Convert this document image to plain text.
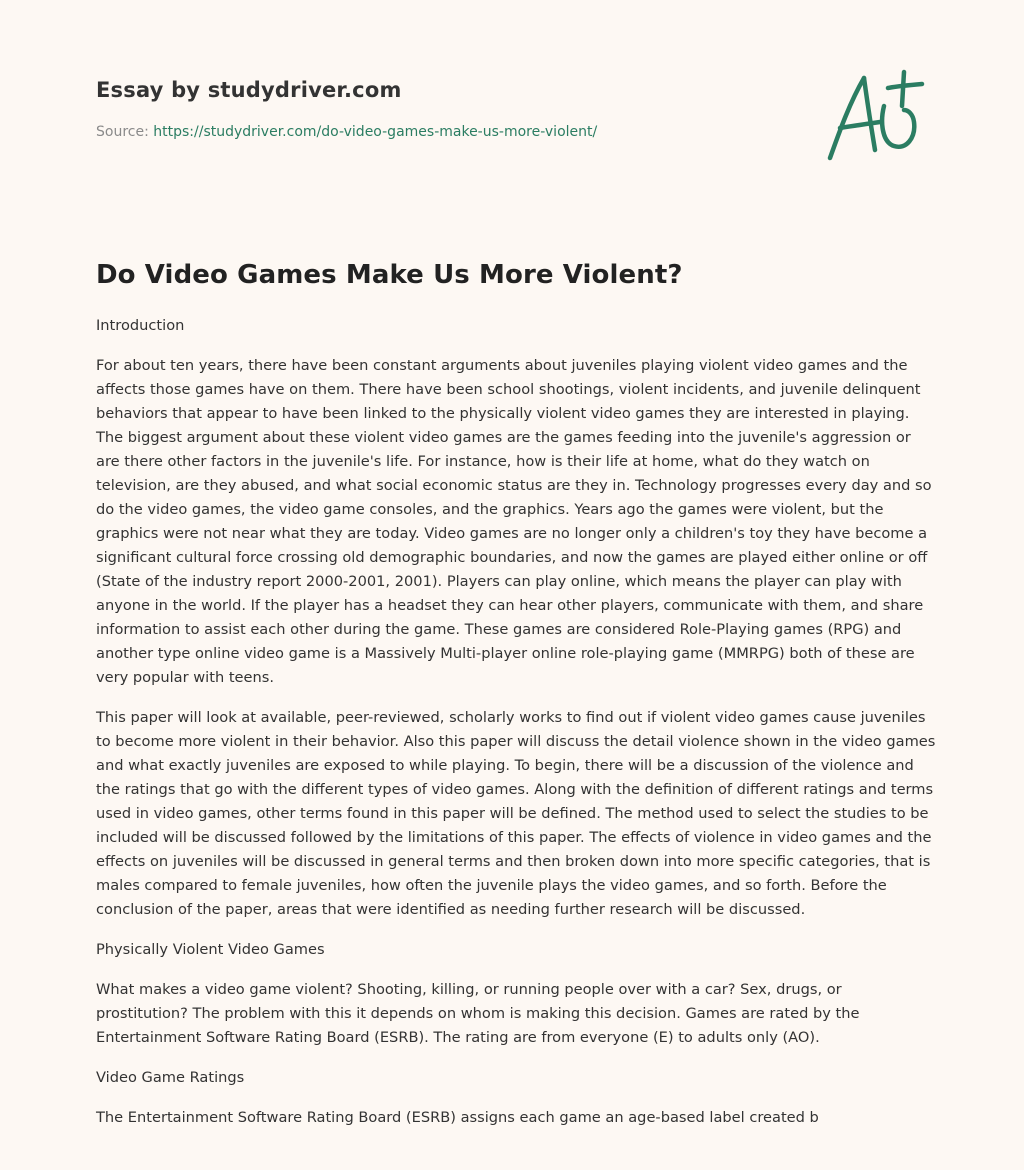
Essay by studydriver.com
Source: https://studydriver.com/do-video-games-make-us-more-violent/
Do Video Games Make Us More Violent?

Introduction

For about ten years, there have been constant arguments about juveniles playing violent video games and the affects those games have on them. There have been school shootings, violent incidents, and juvenile delinquent behaviors that appear to have been linked to the physically violent video games they are interested in playing. The biggest argument about these violent video games are the games feeding into the juvenile's aggression or are there other factors in the juvenile's life. For instance, how is their life at home, what do they watch on television, are they abused, and what social economic status are they in. Technology progresses every day and so do the video games, the video game consoles, and the graphics. Years ago the games were violent, but the graphics were not near what they are today. Video games are no longer only a children's toy they have become a significant cultural force crossing old demographic boundaries, and now the games are played either online or off (State of the industry report 2000-2001, 2001). Players can play online, which means the player can play with anyone in the world. If the player has a headset they can hear other players, communicate with them, and share information to assist each other during the game. These games are considered Role-Playing games (RPG) and another type online video game is a Massively Multi-player online role-playing game (MMRPG) both of these are very popular with teens.

This paper will look at available, peer-reviewed, scholarly works to find out if violent video games cause juveniles to become more violent in their behavior. Also this paper will discuss the detail violence shown in the video games and what exactly juveniles are exposed to while playing. To begin, there will be a discussion of the violence and the ratings that go with the different types of video games. Along with the definition of different ratings and terms used in video games, other terms found in this paper will be defined. The method used to select the studies to be included will be discussed followed by the limitations of this paper. The effects of violence in video games and the effects on juveniles will be discussed in general terms and then broken down into more specific categories, that is males compared to female juveniles, how often the juvenile plays the video games, and so forth. Before the conclusion of the paper, areas that were identified as needing further research will be discussed.

Physically Violent Video Games

What makes a video game violent? Shooting, killing, or running people over with a car? Sex, drugs, or prostitution? The problem with this it depends on whom is making this decision. Games are rated by the Entertainment Software Rating Board (ESRB). The rating are from everyone (E) to adults only (AO).

Video Game Ratings

The Entertainment Software Rating Board (ESRB) assigns each game an age-based label created b
